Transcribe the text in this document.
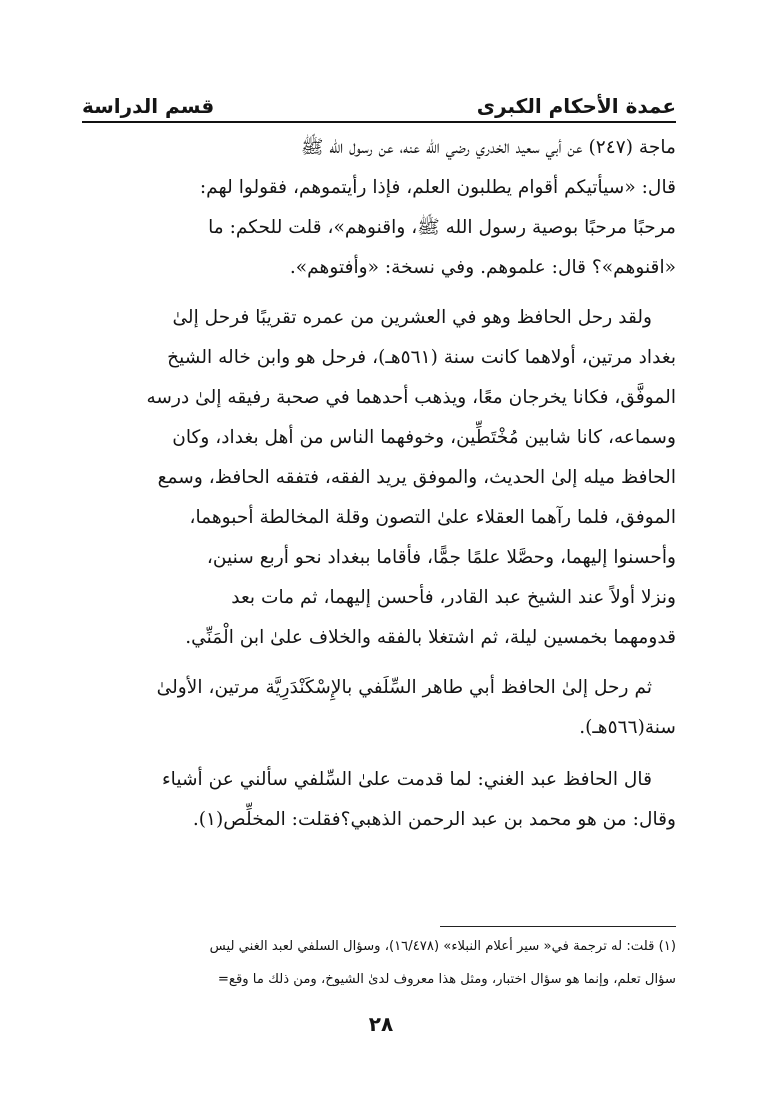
عمدة الأحكام الكبرى
قسم الدراسة

ماجة (٢٤٧) عن أبي سعيد الخدري رضي الله عنه، عن رسول الله ﷺ
قال: «سيأتيكم أقوام يطلبون العلم، فإذا رأيتموهم، فقولوا لهم:
مرحبًا مرحبًا بوصية رسول الله ﷺ، واقنوهم»، قلت للحكم: ما
«اقنوهم»؟ قال: علموهم. وفي نسخة: «وأفتوهم».

ولقد رحل الحافظ وهو في العشرين من عمره تقريبًا فرحل إلىٰ
بغداد مرتين، أولاهما كانت سنة (٥٦١هـ)، فرحل هو وابن خاله الشيخ
الموفَّق، فكانا يخرجان معًا، ويذهب أحدهما في صحبة رفيقه إلىٰ درسه
وسماعه، كانا شابين مُخْتَطِّين، وخوفهما الناس من أهل بغداد، وكان
الحافظ ميله إلىٰ الحديث، والموفق يريد الفقه، فتفقه الحافظ، وسمع
الموفق، فلما رآهما العقلاء علىٰ التصون وقلة المخالطة أحبوهما،
وأحسنوا إليهما، وحصَّلا علمًا جمًّا، فأقاما ببغداد نحو أربع سنين،
ونزلا أولاً عند الشيخ عبد القادر، فأحسن إليهما، ثم مات بعد
قدومهما بخمسين ليلة، ثم اشتغلا بالفقه والخلاف علىٰ ابن الْمَنِّي.

ثم رحل إلىٰ الحافظ أبي طاهر السِّلَفي بالإِسْكَنْدَرِيَّة مرتين، الأولىٰ
سنة(٥٦٦هـ).

قال الحافظ عبد الغني: لما قدمت علىٰ السِّلفي سألني عن أشياء
وقال: من هو محمد بن عبد الرحمن الذهبي؟فقلت: المخلِّص(١).

(١) قلت: له ترجمة في« سير أعلام النبلاء» (١٦/٤٧٨)، وسؤال السلفي لعبد الغني ليس
سؤال تعلم، وإنما هو سؤال اختبار، ومثل هذا معروف لدىٰ الشيوخ، ومن ذلك ما وقع=
٢٨
